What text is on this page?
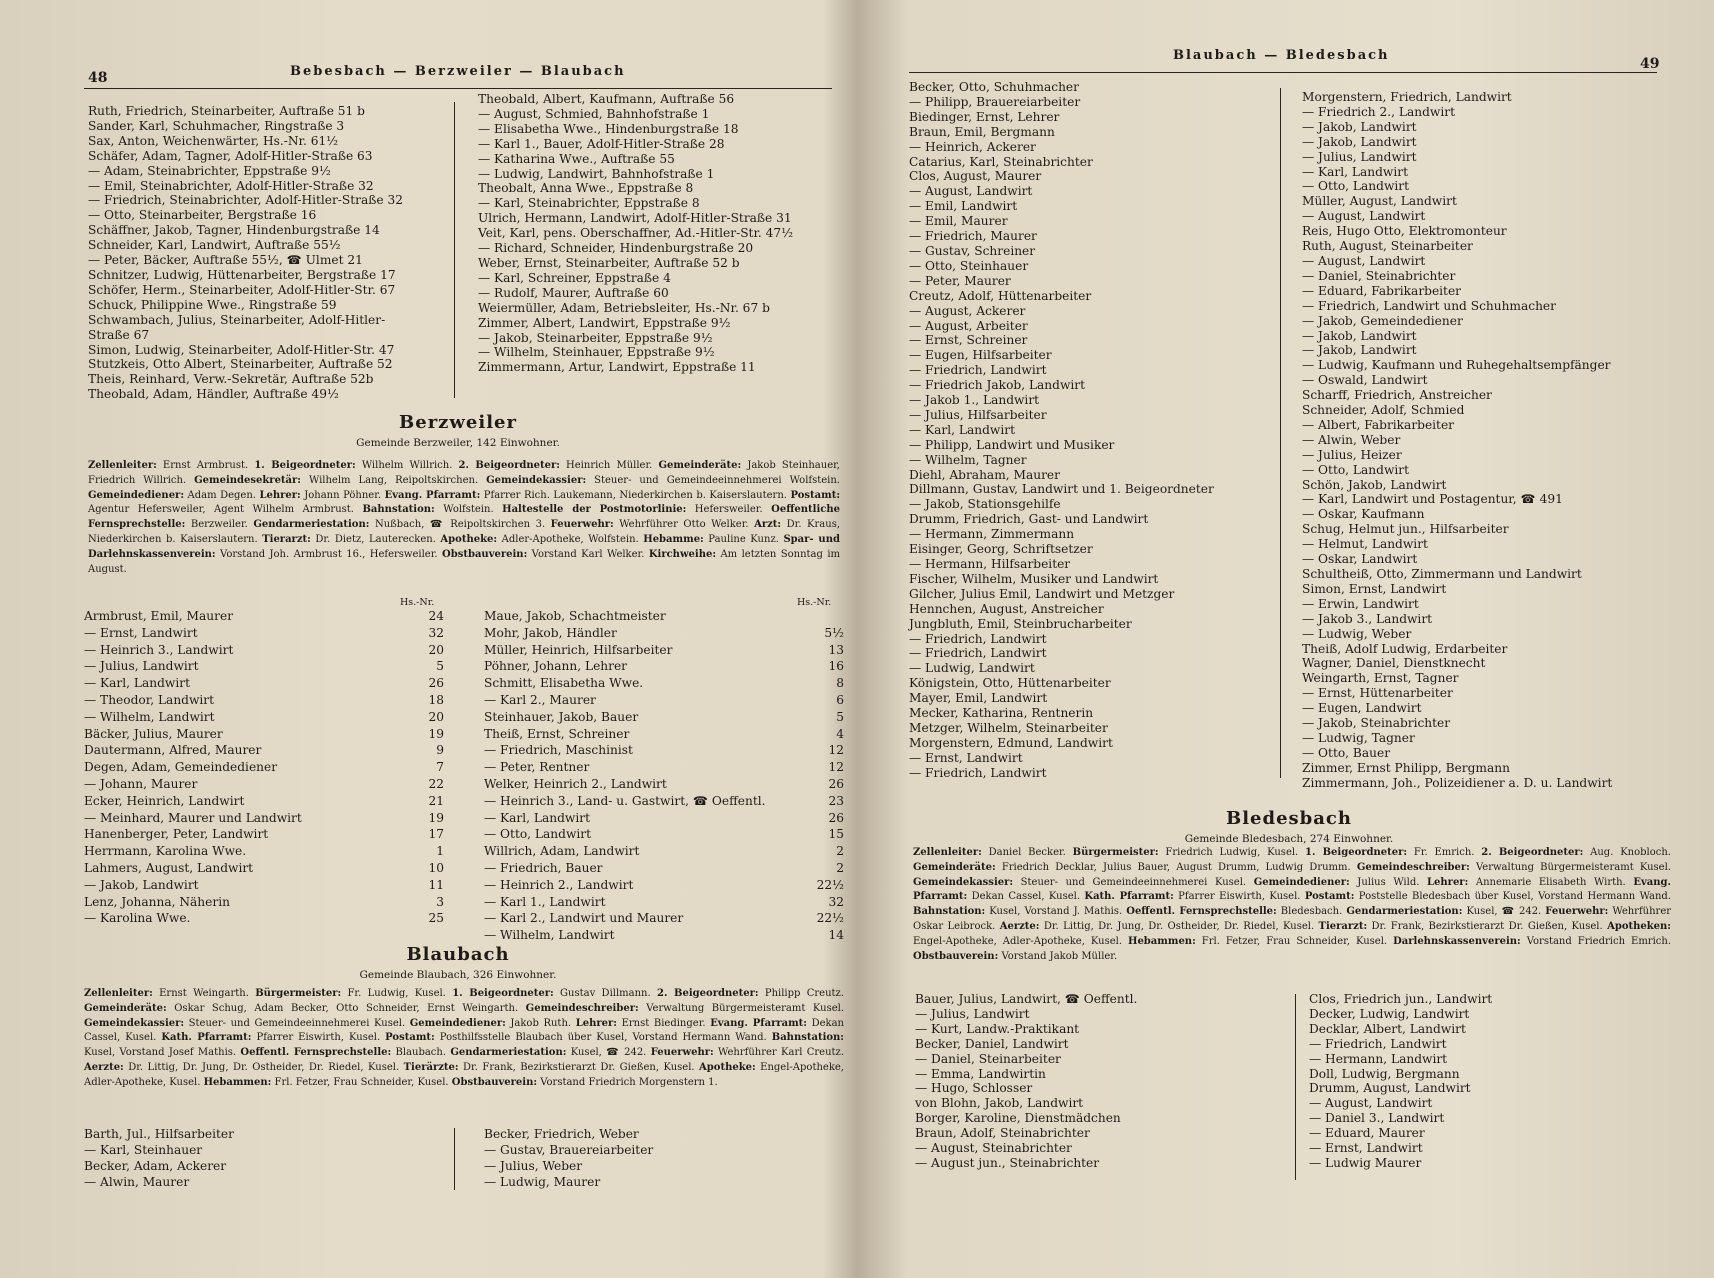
48	Bebesbach — Berzweiler — Blaubach
Ruth, Friedrich, Steinarbeiter, Auftraße 51 b
Sander, Karl, Schuhmacher, Ringstraße 3
Sax, Anton, Weichenwärter, Hs.-Nr. 61½
Schäfer, Adam, Tagner, Adolf-Hitler-Straße 63
— Adam, Steinabrichter, Eppstraße 9½
— Emil, Steinabrichter, Adolf-Hitler-Straße 32
— Friedrich, Steinabrichter, Adolf-Hitler-Straße 32
— Otto, Steinarbeiter, Bergstraße 16
Schäffner, Jakob, Tagner, Hindenburgstraße 14
Schneider, Karl, Landwirt, Auftraße 55½
— Peter, Bäcker, Auftraße 55½, ☎ Ulmet 21
Schnitzer, Ludwig, Hüttenarbeiter, Bergstraße 17
Schöfer, Herm., Steinarbeiter, Adolf-Hitler-Str. 67
Schuck, Philippine Wwe., Ringstraße 59
Schwambach, Julius, Steinarbeiter, Adolf-Hitler-
Straße 67
Simon, Ludwig, Steinarbeiter, Adolf-Hitler-Str. 47
Stutzkeis, Otto Albert, Steinarbeiter, Auftraße 52
Theis, Reinhard, Verw.-Sekretär, Auftraße 52b
Theobald, Adam, Händler, Auftraße 49½
Theobald, Albert, Kaufmann, Auftraße 56
— August, Schmied, Bahnhofstraße 1
— Elisabetha Wwe., Hindenburgstraße 18
— Karl 1., Bauer, Adolf-Hitler-Straße 28
— Katharina Wwe., Auftraße 55
— Ludwig, Landwirt, Bahnhofstraße 1
Theobalt, Anna Wwe., Eppstraße 8
— Karl, Steinabrichter, Eppstraße 8
Ulrich, Hermann, Landwirt, Adolf-Hitler-Straße 31
Veit, Karl, pens. Oberschaffner, Ad.-Hitler-Str. 47½
— Richard, Schneider, Hindenburgstraße 20
Weber, Ernst, Steinarbeiter, Auftraße 52 b
— Karl, Schreiner, Eppstraße 4
— Rudolf, Maurer, Auftraße 60
Weiermüller, Adam, Betriebsleiter, Hs.-Nr. 67 b
Zimmer, Albert, Landwirt, Eppstraße 9½
— Jakob, Steinarbeiter, Eppstraße 9½
— Wilhelm, Steinhauer, Eppstraße 9½
Zimmermann, Artur, Landwirt, Eppstraße 11
Berzweiler
Gemeinde Berzweiler, 142 Einwohner.
Zellenleiter: Ernst Armbrust. 1. Beigeordneter: Wilhelm Willrich. 2. Beigeordneter: Heinrich Müller. Gemeinderäte: Jakob Steinhauer, Friedrich Willrich. Gemeindesekretär: Wilhelm Lang, Reipoltskirchen. Gemeindekassier: Steuer- und Gemeindeeinnehmerei Wolfstein. Gemeindediener: Adam Degen. Lehrer: Johann Pöhner. Evang. Pfarramt: Pfarrer Rich. Laukemann, Niederkirchen b. Kaiserslautern. Postamt: Agentur Hefersweiler, Agent Wilhelm Armbrust. Bahnstation: Wolfstein. Haltestelle der Postmotorlinie: Hefersweiler. Oeffentliche Fernsprechstelle: Berzweiler. Gendarmeriestation: Nußbach, ☎ Reipoltskirchen 3. Feuerwehr: Wehrführer Otto Welker. Arzt: Dr. Kraus, Niederkirchen b. Kaiserslautern. Tierarzt: Dr. Dietz, Lauterecken. Apotheke: Adler-Apotheke, Wolfstein. Hebamme: Pauline Kunz. Spar- und Darlehnskassenverein: Vorstand Joh. Armbrust 16., Hefersweiler. Obstbauverein: Vorstand Karl Welker. Kirchweihe: Am letzten Sonntag im August.
Hs.-Nr.	Hs.-Nr.
Armbrust, Emil, Maurer	24
— Ernst, Landwirt	32
— Heinrich 3., Landwirt	20
— Julius, Landwirt	5
— Karl, Landwirt	26
— Theodor, Landwirt	18
— Wilhelm, Landwirt	20
Bäcker, Julius, Maurer	19
Dautermann, Alfred, Maurer	9
Degen, Adam, Gemeindediener	7
— Johann, Maurer	22
Ecker, Heinrich, Landwirt	21
— Meinhard, Maurer und Landwirt	19
Hanenberger, Peter, Landwirt	17
Herrmann, Karolina Wwe.	1
Lahmers, August, Landwirt	10
— Jakob, Landwirt	11
Lenz, Johanna, Näherin	3
— Karolina Wwe.	25
Maue, Jakob, Schachtmeister
Mohr, Jakob, Händler	5½
Müller, Heinrich, Hilfsarbeiter	13
Pöhner, Johann, Lehrer	16
Schmitt, Elisabetha Wwe.	8
— Karl 2., Maurer	6
Steinhauer, Jakob, Bauer	5
Theiß, Ernst, Schreiner	4
— Friedrich, Maschinist	12
— Peter, Rentner	12
Welker, Heinrich 2., Landwirt	26
— Heinrich 3., Land- u. Gastwirt, ☎ Oeffentl.	23
— Karl, Landwirt	26
— Otto, Landwirt	15
Willrich, Adam, Landwirt	2
— Friedrich, Bauer	2
— Heinrich 2., Landwirt	22½
— Karl 1., Landwirt	32
— Karl 2., Landwirt und Maurer	22½
— Wilhelm, Landwirt	14
Blaubach
Gemeinde Blaubach, 326 Einwohner.
Zellenleiter: Ernst Weingarth. Bürgermeister: Fr. Ludwig, Kusel. 1. Beigeordneter: Gustav Dillmann. 2. Beigeordneter: Philipp Creutz. Gemeinderäte: Oskar Schug, Adam Becker, Otto Schneider, Ernst Weingarth. Gemeindeschreiber: Verwaltung Bürgermeisteramt Kusel. Gemeindekassier: Steuer- und Gemeindeeinnehmerei Kusel. Gemeindediener: Jakob Ruth. Lehrer: Ernst Biedinger. Evang. Pfarramt: Dekan Cassel, Kusel. Kath. Pfarramt: Pfarrer Eiswirth, Kusel. Postamt: Posthilfsstelle Blaubach über Kusel, Vorstand Hermann Wand. Bahnstation: Kusel, Vorstand Josef Mathis. Oeffentl. Fernsprechstelle: Blaubach. Gendarmeriestation: Kusel, ☎ 242. Feuerwehr: Wehrführer Karl Creutz. Aerzte: Dr. Littig, Dr. Jung, Dr. Ostheider, Dr. Riedel, Kusel. Tierärzte: Dr. Frank, Bezirkstierarzt Dr. Gießen, Kusel. Apotheke: Engel-Apotheke, Adler-Apotheke, Kusel. Hebammen: Frl. Fetzer, Frau Schneider, Kusel. Obstbauverein: Vorstand Friedrich Morgenstern 1.
Barth, Jul., Hilfsarbeiter
— Karl, Steinhauer
Becker, Adam, Ackerer
— Alwin, Maurer
Becker, Friedrich, Weber
— Gustav, Brauereiarbeiter
— Julius, Weber
— Ludwig, Maurer
Blaubach — Bledesbach
49
Becker, Otto, Schuhmacher
— Philipp, Brauereiarbeiter
Biedinger, Ernst, Lehrer
Braun, Emil, Bergmann
— Heinrich, Ackerer
Catarius, Karl, Steinabrichter
Clos, August, Maurer
— August, Landwirt
— Emil, Landwirt
— Emil, Maurer
— Friedrich, Maurer
— Gustav, Schreiner
— Otto, Steinhauer
— Peter, Maurer
Creutz, Adolf, Hüttenarbeiter
— August, Ackerer
— August, Arbeiter
— Ernst, Schreiner
— Eugen, Hilfsarbeiter
— Friedrich, Landwirt
— Friedrich Jakob, Landwirt
— Jakob 1., Landwirt
— Julius, Hilfsarbeiter
— Karl, Landwirt
— Philipp, Landwirt und Musiker
— Wilhelm, Tagner
Diehl, Abraham, Maurer
Dillmann, Gustav, Landwirt und 1. Beigeordneter
— Jakob, Stationsgehilfe
Drumm, Friedrich, Gast- und Landwirt
— Hermann, Zimmermann
Eisinger, Georg, Schriftsetzer
— Hermann, Hilfsarbeiter
Fischer, Wilhelm, Musiker und Landwirt
Gilcher, Julius Emil, Landwirt und Metzger
Hennchen, August, Anstreicher
Jungbluth, Emil, Steinbrucharbeiter
— Friedrich, Landwirt
— Friedrich, Landwirt
— Ludwig, Landwirt
Königstein, Otto, Hüttenarbeiter
Mayer, Emil, Landwirt
Mecker, Katharina, Rentnerin
Metzger, Wilhelm, Steinarbeiter
Morgenstern, Edmund, Landwirt
— Ernst, Landwirt
— Friedrich, Landwirt
Morgenstern, Friedrich, Landwirt
— Friedrich 2., Landwirt
— Jakob, Landwirt
— Jakob, Landwirt
— Julius, Landwirt
— Karl, Landwirt
— Otto, Landwirt
Müller, August, Landwirt
— August, Landwirt
Reis, Hugo Otto, Elektromonteur
Ruth, August, Steinarbeiter
— August, Landwirt
— Daniel, Steinabrichter
— Eduard, Fabrikarbeiter
— Friedrich, Landwirt und Schuhmacher
— Jakob, Gemeindediener
— Jakob, Landwirt
— Jakob, Landwirt
— Ludwig, Kaufmann und Ruhegehaltsempfänger
— Oswald, Landwirt
Scharff, Friedrich, Anstreicher
Schneider, Adolf, Schmied
— Albert, Fabrikarbeiter
— Alwin, Weber
— Julius, Heizer
— Otto, Landwirt
Schön, Jakob, Landwirt
— Karl, Landwirt und Postagentur, ☎ 491
— Oskar, Kaufmann
Schug, Helmut jun., Hilfsarbeiter
— Helmut, Landwirt
— Oskar, Landwirt
Schultheiß, Otto, Zimmermann und Landwirt
Simon, Ernst, Landwirt
— Erwin, Landwirt
— Jakob 3., Landwirt
— Ludwig, Weber
Theiß, Adolf Ludwig, Erdarbeiter
Wagner, Daniel, Dienstknecht
Weingarth, Ernst, Tagner
— Ernst, Hüttenarbeiter
— Eugen, Landwirt
— Jakob, Steinabrichter
— Ludwig, Tagner
— Otto, Bauer
Zimmer, Ernst Philipp, Bergmann
Zimmermann, Joh., Polizeidiener a. D. u. Landwirt
Bledesbach
Gemeinde Bledesbach, 274 Einwohner.
Zellenleiter: Daniel Becker. Bürgermeister: Friedrich Ludwig, Kusel. 1. Beigeordneter: Fr. Emrich. 2. Beigeordneter: Aug. Knobloch. Gemeinderäte: Friedrich Decklar, Julius Bauer, August Drumm, Ludwig Drumm. Gemeindeschreiber: Verwaltung Bürgermeisteramt Kusel. Gemeindekassier: Steuer- und Gemeindeeinnehmerei Kusel. Gemeindediener: Julius Wild. Lehrer: Annemarie Elisabeth Wirth. Evang. Pfarramt: Dekan Cassel, Kusel. Kath. Pfarramt: Pfarrer Eiswirth, Kusel. Postamt: Poststelle Bledesbach über Kusel, Vorstand Hermann Wand. Bahnstation: Kusel, Vorstand J. Mathis. Oeffentl. Fernsprechstelle: Bledesbach. Gendarmeriestation: Kusel, ☎ 242. Feuerwehr: Wehrführer Oskar Leibrock. Aerzte: Dr. Littig, Dr. Jung, Dr. Ostheider, Dr. Riedel, Kusel. Tierarzt: Dr. Frank, Bezirkstierarzt Dr. Gießen, Kusel. Apotheken: Engel-Apotheke, Adler-Apotheke, Kusel. Hebammen: Frl. Fetzer, Frau Schneider, Kusel. Darlehnskassenverein: Vorstand Friedrich Emrich. Obstbauverein: Vorstand Jakob Müller.
Bauer, Julius, Landwirt, ☎ Oeffentl.
— Julius, Landwirt
— Kurt, Landw.-Praktikant
Becker, Daniel, Landwirt
— Daniel, Steinarbeiter
— Emma, Landwirtin
— Hugo, Schlosser
von Blohn, Jakob, Landwirt
Borger, Karoline, Dienstmädchen
Braun, Adolf, Steinabrichter
— August, Steinabrichter
— August jun., Steinabrichter
Clos, Friedrich jun., Landwirt
Decker, Ludwig, Landwirt
Decklar, Albert, Landwirt
— Friedrich, Landwirt
— Hermann, Landwirt
Doll, Ludwig, Bergmann
Drumm, August, Landwirt
— August, Landwirt
— Daniel 3., Landwirt
— Eduard, Maurer
— Ernst, Landwirt
— Ludwig Maurer
